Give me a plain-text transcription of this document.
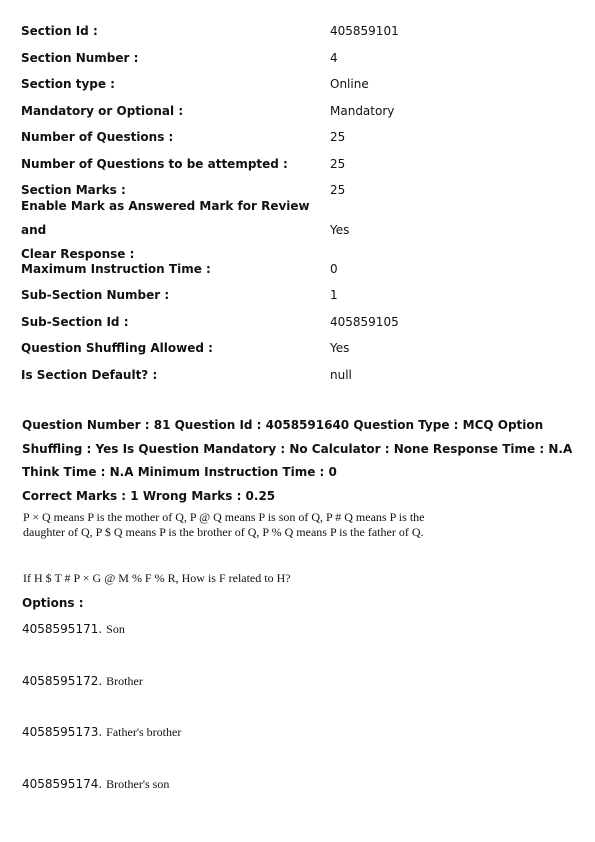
Section Id :	405859101
Section Number :	4
Section type :	Online
Mandatory or Optional :	Mandatory
Number of Questions :	25
Number of Questions to be attempted :	25
Section Marks :	25
Enable Mark as Answered Mark for Review and
Clear Response :
Yes
Maximum Instruction Time :	0
Sub-Section Number :	1
Sub-Section Id :	405859105
Question Shuffling Allowed :	Yes
Is Section Default? :	null
Question Number : 81 Question Id : 4058591640 Question Type : MCQ Option Shuffling : Yes Is Question Mandatory : No Calculator : None Response Time : N.A Think Time : N.A Minimum Instruction Time : 0
Correct Marks : 1 Wrong Marks : 0.25
P × Q means P is the mother of Q, P @ Q means P is son of Q, P # Q means P is the daughter of Q, P $ Q means P is the brother of Q, P % Q means P is the father of Q.
If H $ T # P × G @ M % F % R, How is F related to H?
Options :
4058595171. Son
4058595172. Brother
4058595173. Father's brother
4058595174. Brother's son
